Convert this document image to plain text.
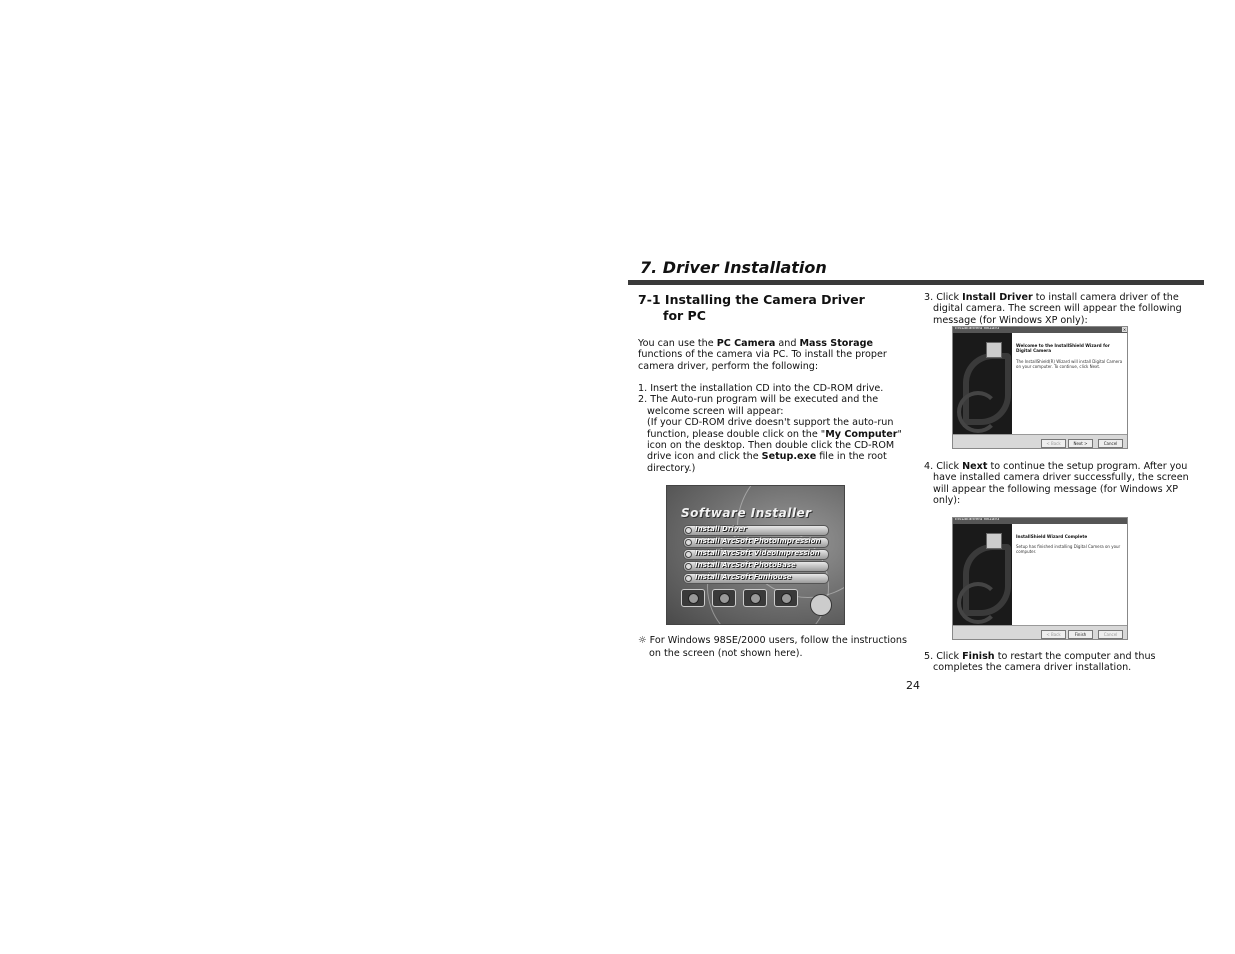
7. Driver Installation
7-1 Installing the Camera Driver
for PC

You can use the PC Camera and Mass Storage
functions of the camera via PC. To install the proper
camera driver, perform the following:

1. Insert the installation CD into the CD-ROM drive.
2. The Auto-run program will be executed and the
welcome screen will appear:
(If your CD-ROM drive doesn't support the auto-run
function, please double click on the "My Computer"
icon on the desktop. Then double click the CD-ROM
drive icon and click the Setup.exe file in the root
directory.)
Software Installer
Install Driver
Install ArcSoft PhotoImpression
Install ArcSoft VideoImpression
Install ArcSoft PhotoBase
Install ArcSoft Funhouse
☼ For Windows 98SE/2000 users, follow the instructions
on the screen (not shown here).
3. Click Install Driver to install camera driver of the
digital camera. The screen will appear the following
message (for Windows XP only):
InstallShield Wizard	×
Welcome to the InstallShield Wizard for Digital Camera
The InstallShield(R) Wizard will install Digital Camera on your computer. To continue, click Next.
< Back	Next >	Cancel
4. Click Next to continue the setup program. After you
have installed camera driver successfully, the screen
will appear the following message (for Windows XP
only):
InstallShield Wizard
InstallShield Wizard Complete
Setup has finished installing Digital Camera on your computer.
< Back	Finish	Cancel
5. Click Finish to restart the computer and thus
completes the camera driver installation.
24
